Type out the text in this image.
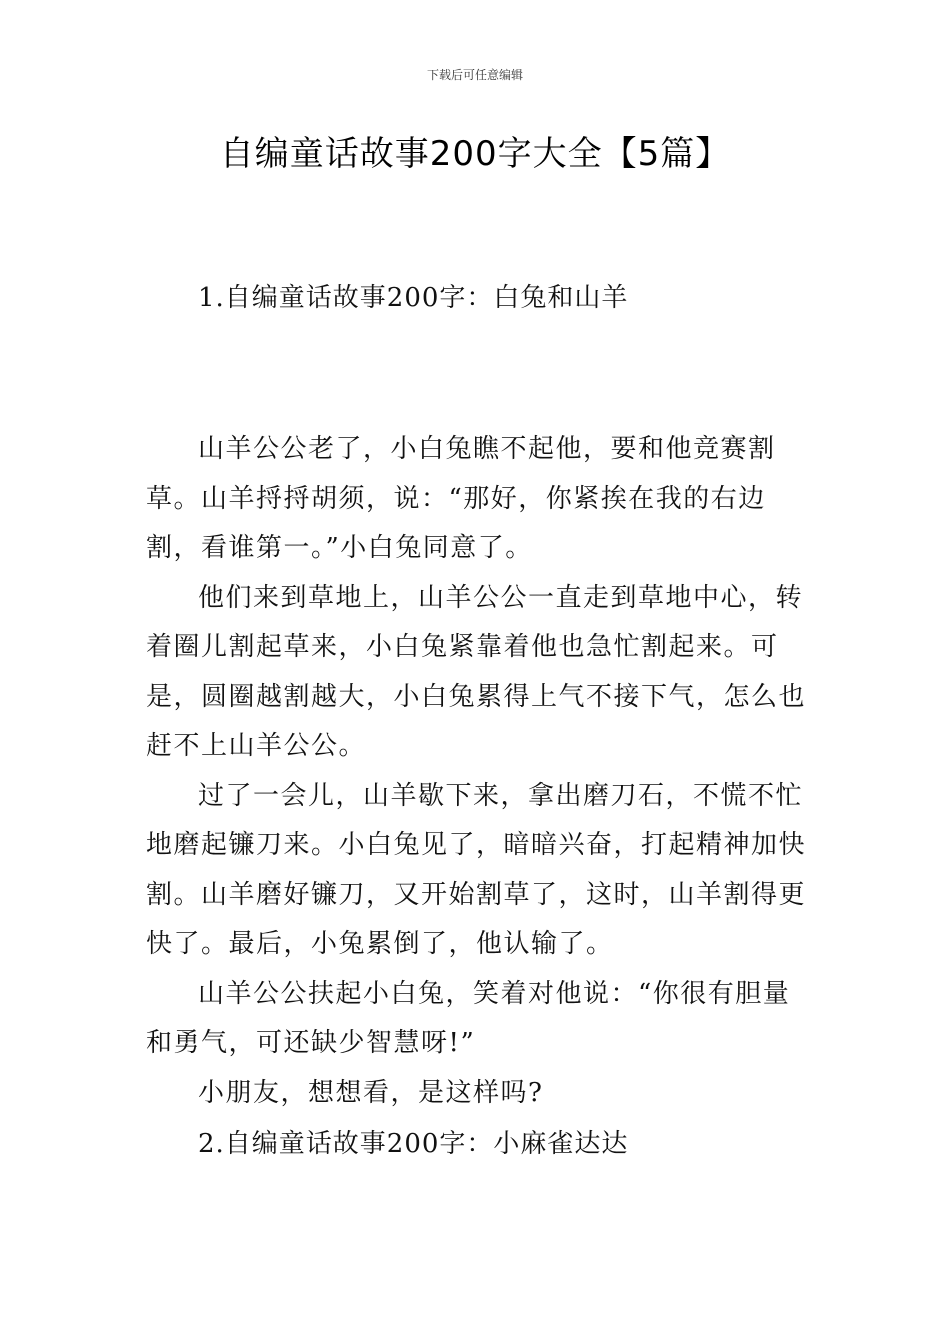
下载后可任意编辑
自编童话故事200字大全【5篇】
1.自编童话故事200字：白兔和山羊

山羊公公老了，小白兔瞧不起他，要和他竞赛割草。山羊捋捋胡须，说：“那好，你紧挨在我的右边割，看谁第一。”小白兔同意了。

他们来到草地上，山羊公公一直走到草地中心，转着圈儿割起草来，小白兔紧靠着他也急忙割起来。可是，圆圈越割越大，小白兔累得上气不接下气，怎么也赶不上山羊公公。

过了一会儿，山羊歇下来，拿出磨刀石，不慌不忙地磨起镰刀来。小白兔见了，暗暗兴奋，打起精神加快割。山羊磨好镰刀，又开始割草了，这时，山羊割得更快了。最后，小兔累倒了，他认输了。

山羊公公扶起小白兔，笑着对他说：“你很有胆量和勇气，可还缺少智慧呀!”

小朋友，想想看，是这样吗?

2.自编童话故事200字：小麻雀达达
